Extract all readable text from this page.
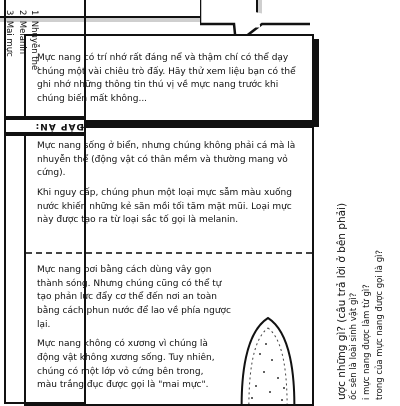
Mực nang có trí nhớ rất đáng nể và thậm chí có thể dạy chúng một vài chiêu trò đấy. Hãy thử xem liệu bạn có thể ghi nhớ những thông tin thú vị về mực nang trước khi chúng biến mất không...

Mực nang sống ở biển, nhưng chúng không phải cá mà là nhuyễn thể (động vật có thân mềm và thường mang vỏ cứng).

Khi nguy cấp, chúng phun một loại mực sẫm màu xuống nước khiến những kẻ săn mồi tối tăm mặt mũi. Loại mực này được tạo ra từ loại sắc tố gọi là melanin.

Mực nang bơi bằng cách dùng vây gọn thành sóng. Nhưng chúng cũng có thể tự tạo phản lực đẩy cơ thể đến nơi an toàn bằng cách phun nước để lao về phía ngược lại.

Mực nang không có xương vì chúng là động vật không xương sống. Tuy nhiên, chúng có một lớp vỏ cứng bên trong, màu trắng đục được gọi là "mai mực".

1. Nhuyễn thể
2. Melanin
3. Mai mực
ĐÁP ÁN:
ược những gì? (câu trả lời ở bên phải) ốc sên là loài sinh vật gì? i mực nang được làm từ gì? trong của mực nang được gọi là gì?
